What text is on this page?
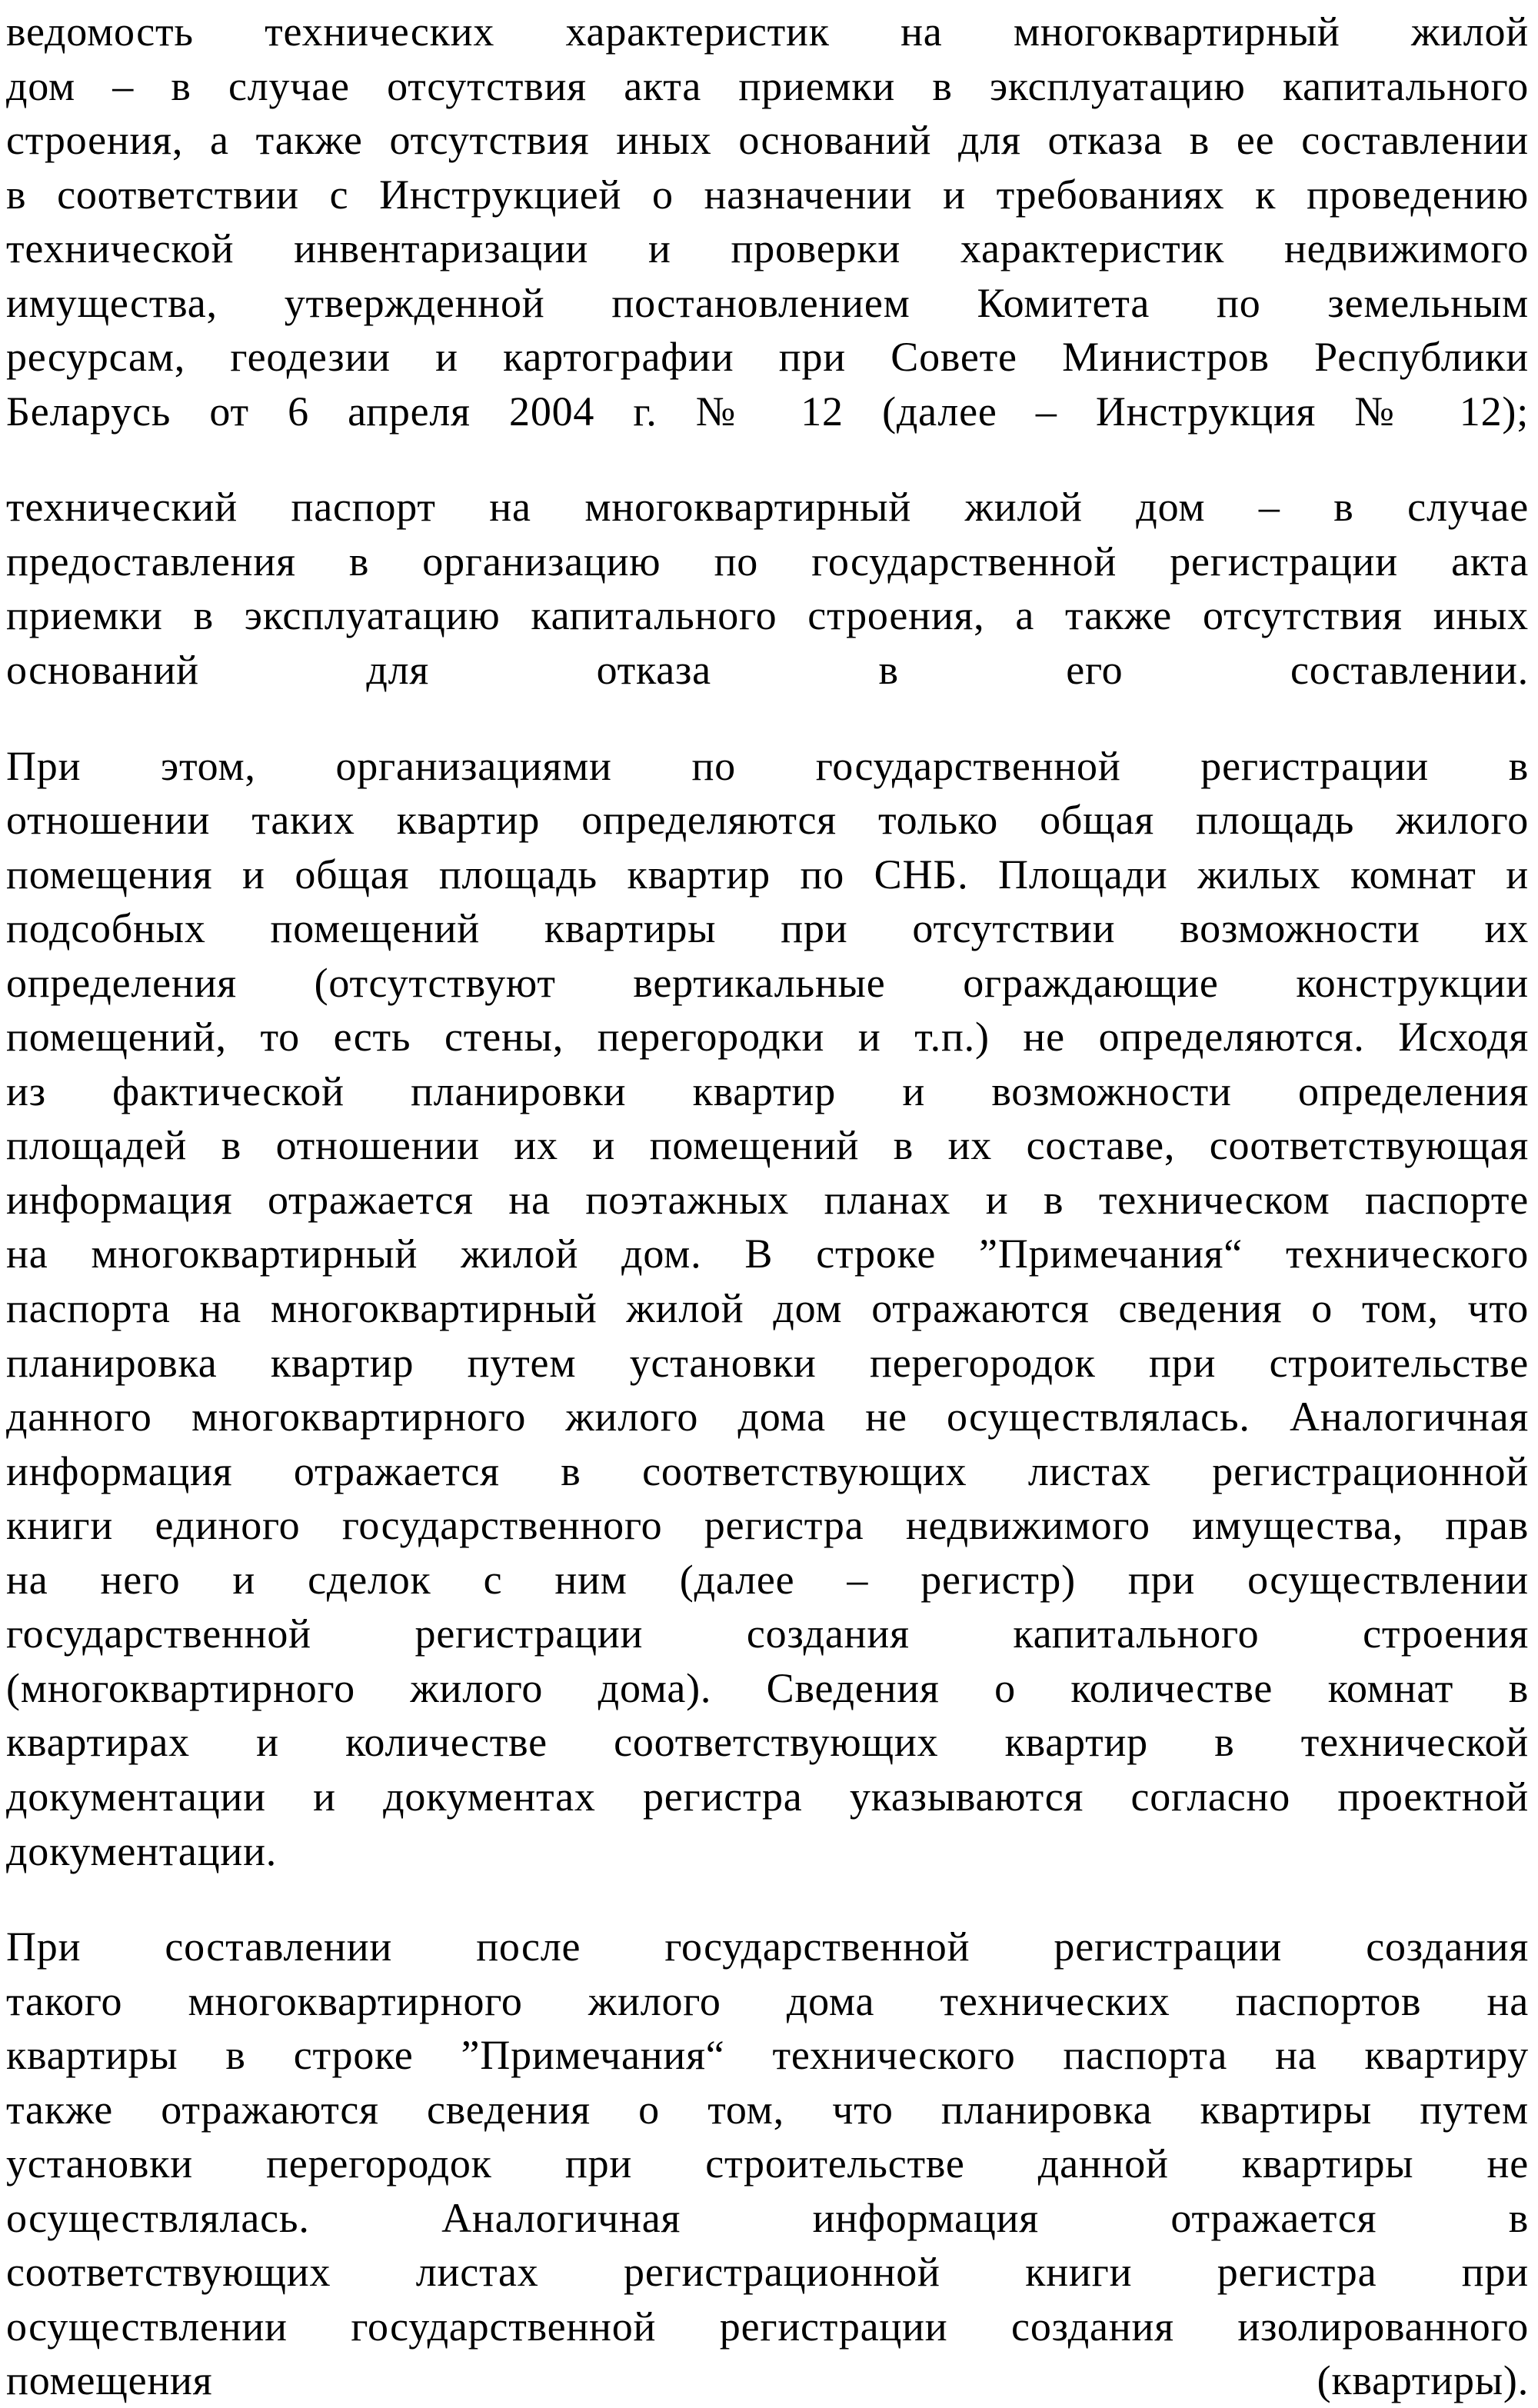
ведомость технических характеристик на многоквартирный жилой
дом – в случае отсутствия акта приемки в эксплуатацию капитального
строения, а также отсутствия иных оснований для отказа в ее составлении
в соответствии с Инструкцией о назначении и требованиях к проведению
технической инвентаризации и проверки характеристик недвижимого
имущества, утвержденной постановлением Комитета по земельным
ресурсам, геодезии и картографии при Совете Министров Республики
Беларусь от 6 апреля 2004 г. № 12 (далее – Инструкция № 12);

технический паспорт на многоквартирный жилой дом – в случае
предоставления в организацию по государственной регистрации акта
приемки в эксплуатацию капитального строения, а также отсутствия иных
оснований для отказа в его составлении.

При этом, организациями по государственной регистрации в
отношении таких квартир определяются только общая площадь жилого
помещения и общая площадь квартир по СНБ. Площади жилых комнат и
подсобных помещений квартиры при отсутствии возможности их
определения (отсутствуют вертикальные ограждающие конструкции
помещений, то есть стены, перегородки и т.п.) не определяются. Исходя
из фактической планировки квартир и возможности определения
площадей в отношении их и помещений в их составе, соответствующая
информация отражается на поэтажных планах и в техническом паспорте
на многоквартирный жилой дом. В строке ”Примечания“ технического
паспорта на многоквартирный жилой дом отражаются сведения о том, что
планировка квартир путем установки перегородок при строительстве
данного многоквартирного жилого дома не осуществлялась. Аналогичная
информация отражается в соответствующих листах регистрационной
книги единого государственного регистра недвижимого имущества, прав
на него и сделок с ним (далее – регистр) при осуществлении
государственной регистрации создания капитального строения
(многоквартирного жилого дома). Сведения о количестве комнат в
квартирах и количестве соответствующих квартир в технической
документации и документах регистра указываются согласно проектной
документации.

При составлении после государственной регистрации создания
такого многоквартирного жилого дома технических паспортов на
квартиры в строке ”Примечания“ технического паспорта на квартиру
также отражаются сведения о том, что планировка квартиры путем
установки перегородок при строительстве данной квартиры не
осуществлялась. Аналогичная информация отражается в
соответствующих листах регистрационной книги регистра при
осуществлении государственной регистрации создания изолированного
помещения (квартиры).
